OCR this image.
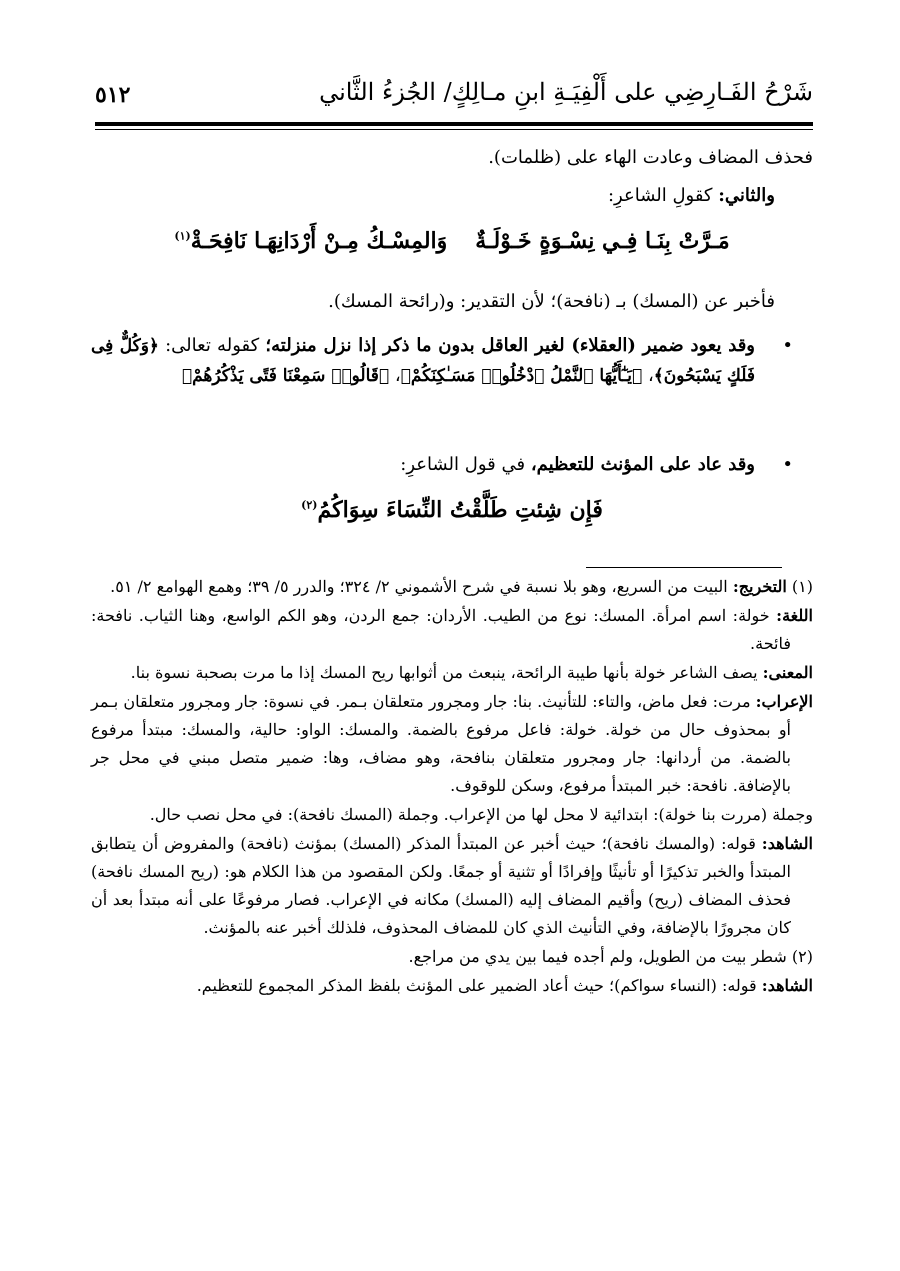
شَرْحُ الفَـارِضِي على أَلْفِيَـةِ ابنِ مـالِكٍ/ الجُزءُ الثَّاني
٥١٢
فحذف المضاف وعادت الهاء على (ظلمات).
والثاني: كقولِ الشاعرِ:
مَـرَّتْ بِنَـا فِـي نِسْـوَةٍ خَـوْلَـةٌوَالمِسْـكُ مِـنْ أَرْدَانِهَـا نَافِحَـةْ$^{(١)}$
فأخبر عن (المسك) بـ (نافحة)؛ لأن التقدير: و(رائحة المسك).
•
وقد يعود ضمير (العقلاء) لغير العاقل بدون ما ذكر إذا نزل منزلته؛ كقوله تعالى: ﴿وَكُلٌّ فِى فَلَكٍ يَسْبَحُونَ﴾، ﴿يَـٰٓأَيُّهَا ٱلنَّمْلُ ٱدْخُلُوا۟ مَسَـٰكِنَكُمْ﴾، ﴿قَالُوا۟ سَمِعْنَا فَتًى يَذْكُرُهُمْ﴾
•
وقد عاد على المؤنث للتعظيم، في قول الشاعرِ:
فَإِن شِئتِ طَلَّقْتُ النِّسَاءَ سِوَاكُمُ$^{(٢)}$

(١) التخريج: البيت من السريع، وهو بلا نسبة في شرح الأشموني ٢/ ٣٢٤؛ والدرر ٥/ ٣٩؛ وهمع الهوامع ٢/ ٥١.

اللغة: خولة: اسم امرأة. المسك: نوع من الطيب. الأردان: جمع الردن، وهو الكم الواسع، وهنا الثياب. نافحة: فائحة.

المعنى: يصف الشاعر خولة بأنها طيبة الرائحة، ينبعث من أثوابها ريح المسك إذا ما مرت بصحبة نسوة بنا.

الإعراب: مرت: فعل ماض، والتاء: للتأنيث. بنا: جار ومجرور متعلقان بـمر. في نسوة: جار ومجرور متعلقان بـمر أو بمحذوف حال من خولة. خولة: فاعل مرفوع بالضمة. والمسك: الواو: حالية، والمسك: مبتدأ مرفوع بالضمة. من أردانها: جار ومجرور متعلقان بنافحة، وهو مضاف، وها: ضمير متصل مبني في محل جر بالإضافة. نافحة: خبر المبتدأ مرفوع، وسكن للوقوف.

وجملة (مررت بنا خولة): ابتدائية لا محل لها من الإعراب. وجملة (المسك نافحة): في محل نصب حال.

الشاهد: قوله: (والمسك نافحة)؛ حيث أخبر عن المبتدأ المذكر (المسك) بمؤنث (نافحة) والمفروض أن يتطابق المبتدأ والخبر تذكيرًا أو تأنيثًا وإفرادًا أو تثنية أو جمعًا. ولكن المقصود من هذا الكلام هو: (ريح المسك نافحة) فحذف المضاف (ريح) وأقيم المضاف إليه (المسك) مكانه في الإعراب. فصار مرفوعًا على أنه مبتدأ بعد أن كان مجرورًا بالإضافة، وفي التأنيث الذي كان للمضاف المحذوف، فلذلك أخبر عنه بالمؤنث.

(٢) شطر بيت من الطويل، ولم أجده فيما بين يدي من مراجع.

الشاهد: قوله: (النساء سواكم)؛ حيث أعاد الضمير على المؤنث بلفظ المذكر المجموع للتعظيم.
